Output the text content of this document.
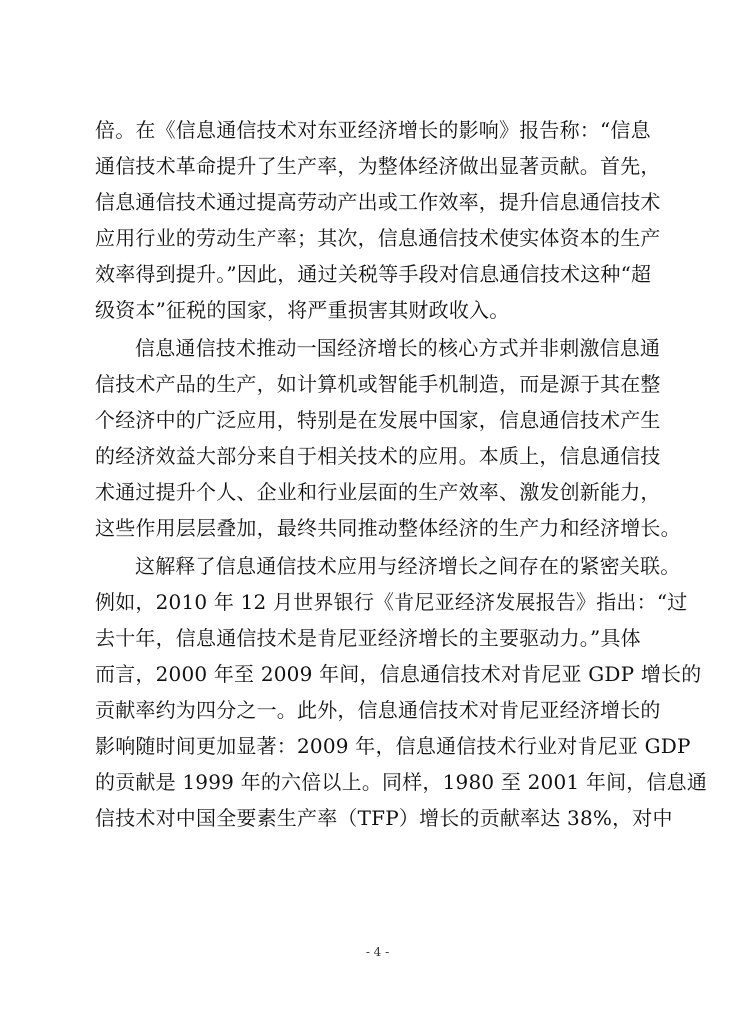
倍。在《信息通信技术对东亚经济增长的影响》报告称：“信息
通信技术革命提升了生产率，为整体经济做出显著贡献。首先，
信息通信技术通过提高劳动产出或工作效率，提升信息通信技术
应用行业的劳动生产率；其次，信息通信技术使实体资本的生产
效率得到提升。”因此，通过关税等手段对信息通信技术这种“超
级资本”征税的国家，将严重损害其财政收入。
信息通信技术推动一国经济增长的核心方式并非刺激信息通
信技术产品的生产，如计算机或智能手机制造，而是源于其在整
个经济中的广泛应用，特别是在发展中国家，信息通信技术产生
的经济效益大部分来自于相关技术的应用。本质上，信息通信技
术通过提升个人、企业和行业层面的生产效率、激发创新能力，
这些作用层层叠加，最终共同推动整体经济的生产力和经济增长。
这解释了信息通信技术应用与经济增长之间存在的紧密关联。
例如，2010 年 12 月世界银行《肯尼亚经济发展报告》指出：“过
去十年，信息通信技术是肯尼亚经济增长的主要驱动力。”具体
而言，2000 年至 2009 年间，信息通信技术对肯尼亚 GDP 增长的
贡献率约为四分之一。此外，信息通信技术对肯尼亚经济增长的
影响随时间更加显著：2009 年，信息通信技术行业对肯尼亚 GDP
的贡献是 1999 年的六倍以上。同样，1980 至 2001 年间，信息通
信技术对中国全要素生产率（TFP）增长的贡献率达 38%，对中
- 4 -
